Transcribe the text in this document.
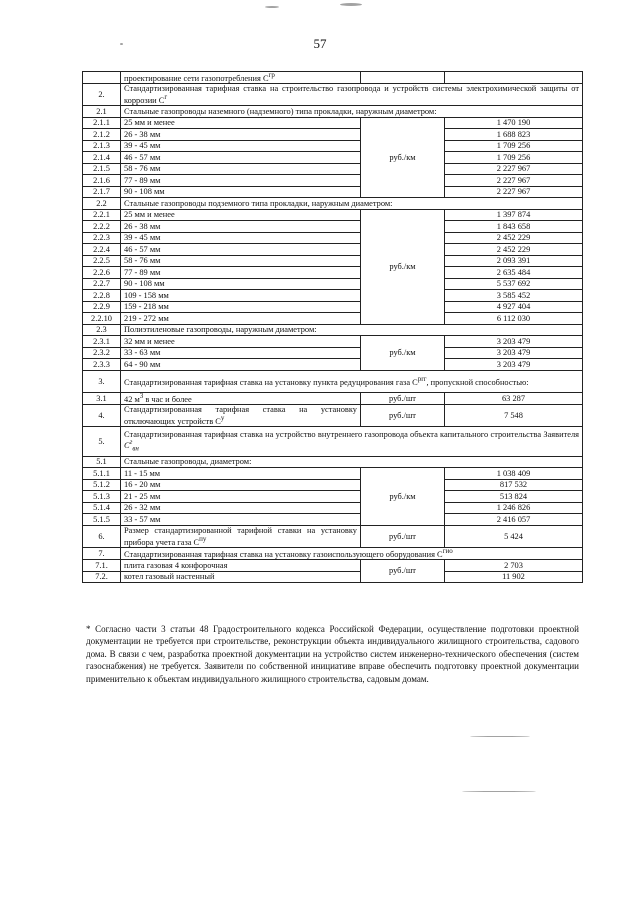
57
	проектирование сети газопотребления $С^{гр}$		
2.	Стандартизированная тарифная ставка на строительство газопровода и устройств системы электрохимической защиты от коррозии $С^г$
2.1	Стальные газопроводы наземного (надземного) типа прокладки, наружным диаметром:		
2.1.1	25 мм и менее	руб./км	1 470 190
2.1.2	26 - 38 мм		1 688 823
2.1.3	39 - 45 мм		1 709 256
2.1.4	46 - 57 мм		1 709 256
2.1.5	58 - 76 мм		2 227 967
2.1.6	77 - 89 мм		2 227 967
2.1.7	90 - 108 мм		2 227 967
2.2	Стальные газопроводы подземного типа прокладки, наружным диаметром:		
2.2.1	25 мм и менее	руб./км	1 397 874
2.2.2	26 - 38 мм		1 843 658
2.2.3	39 - 45 мм		2 452 229
2.2.4	46 - 57 мм		2 452 229
2.2.5	58 - 76 мм		2 093 391
2.2.6	77 - 89 мм		2 635 484
2.2.7	90 - 108 мм		5 537 692
2.2.8	109 - 158 мм		3 585 452
2.2.9	159 - 218 мм		4 927 404
2.2.10	219 - 272 мм		6 112 030
2.3	Полиэтиленовые газопроводы, наружным диаметром:		
2.3.1	32 мм и менее	руб./км	3 203 479
2.3.2	33 - 63 мм		3 203 479
2.3.3	64 - 90 мм		3 203 479
3.	Стандартизированная тарифная ставка на установку пункта редуцирования газа $С^{prг}$, пропускной способностью:		
3.1	42 $м^3$ в час и более	руб./шт	63 287
4.	Стандартизированная тарифная ставка на установку отключающих устройств $С^у$	руб./шт	7 548
5.	Стандартизированная тарифная ставка на устройство внутреннего газопровода объекта капитального строительства Заявителя $С^г_{вн}$
5.1	Стальные газопроводы, диаметром:		
5.1.1	11 - 15 мм	руб./км	1 038 409
5.1.2	16 - 20 мм		817 532
5.1.3	21 - 25 мм		513 824
5.1.4	26 - 32 мм		1 246 826
5.1.5	33 - 57 мм		2 416 057
6.	Размер стандартизированной тарифной ставки на установку прибора учета газа $С^{пу}$	руб./шт	5 424
7.	Стандартизированная тарифная ставка на установку газоиспользующего оборудования $С^{гио}$
7.1.	плита газовая 4 конфорочная	руб./шт	2 703
7.2.	котел газовый настенный		11 902
* Согласно части 3 статьи 48 Градостроительного кодекса Российской Федерации, осуществление подготовки проектной документации не требуется при строительстве, реконструкции объекта индивидуального жилищного строительства, садового дома. В связи с чем, разработка проектной документации на устройство систем инженерно-технического обеспечения (систем газоснабжения) не требуется. Заявители по собственной инициативе вправе обеспечить подготовку проектной документации применительно к объектам индивидуального жилищного строительства, садовым домам.
